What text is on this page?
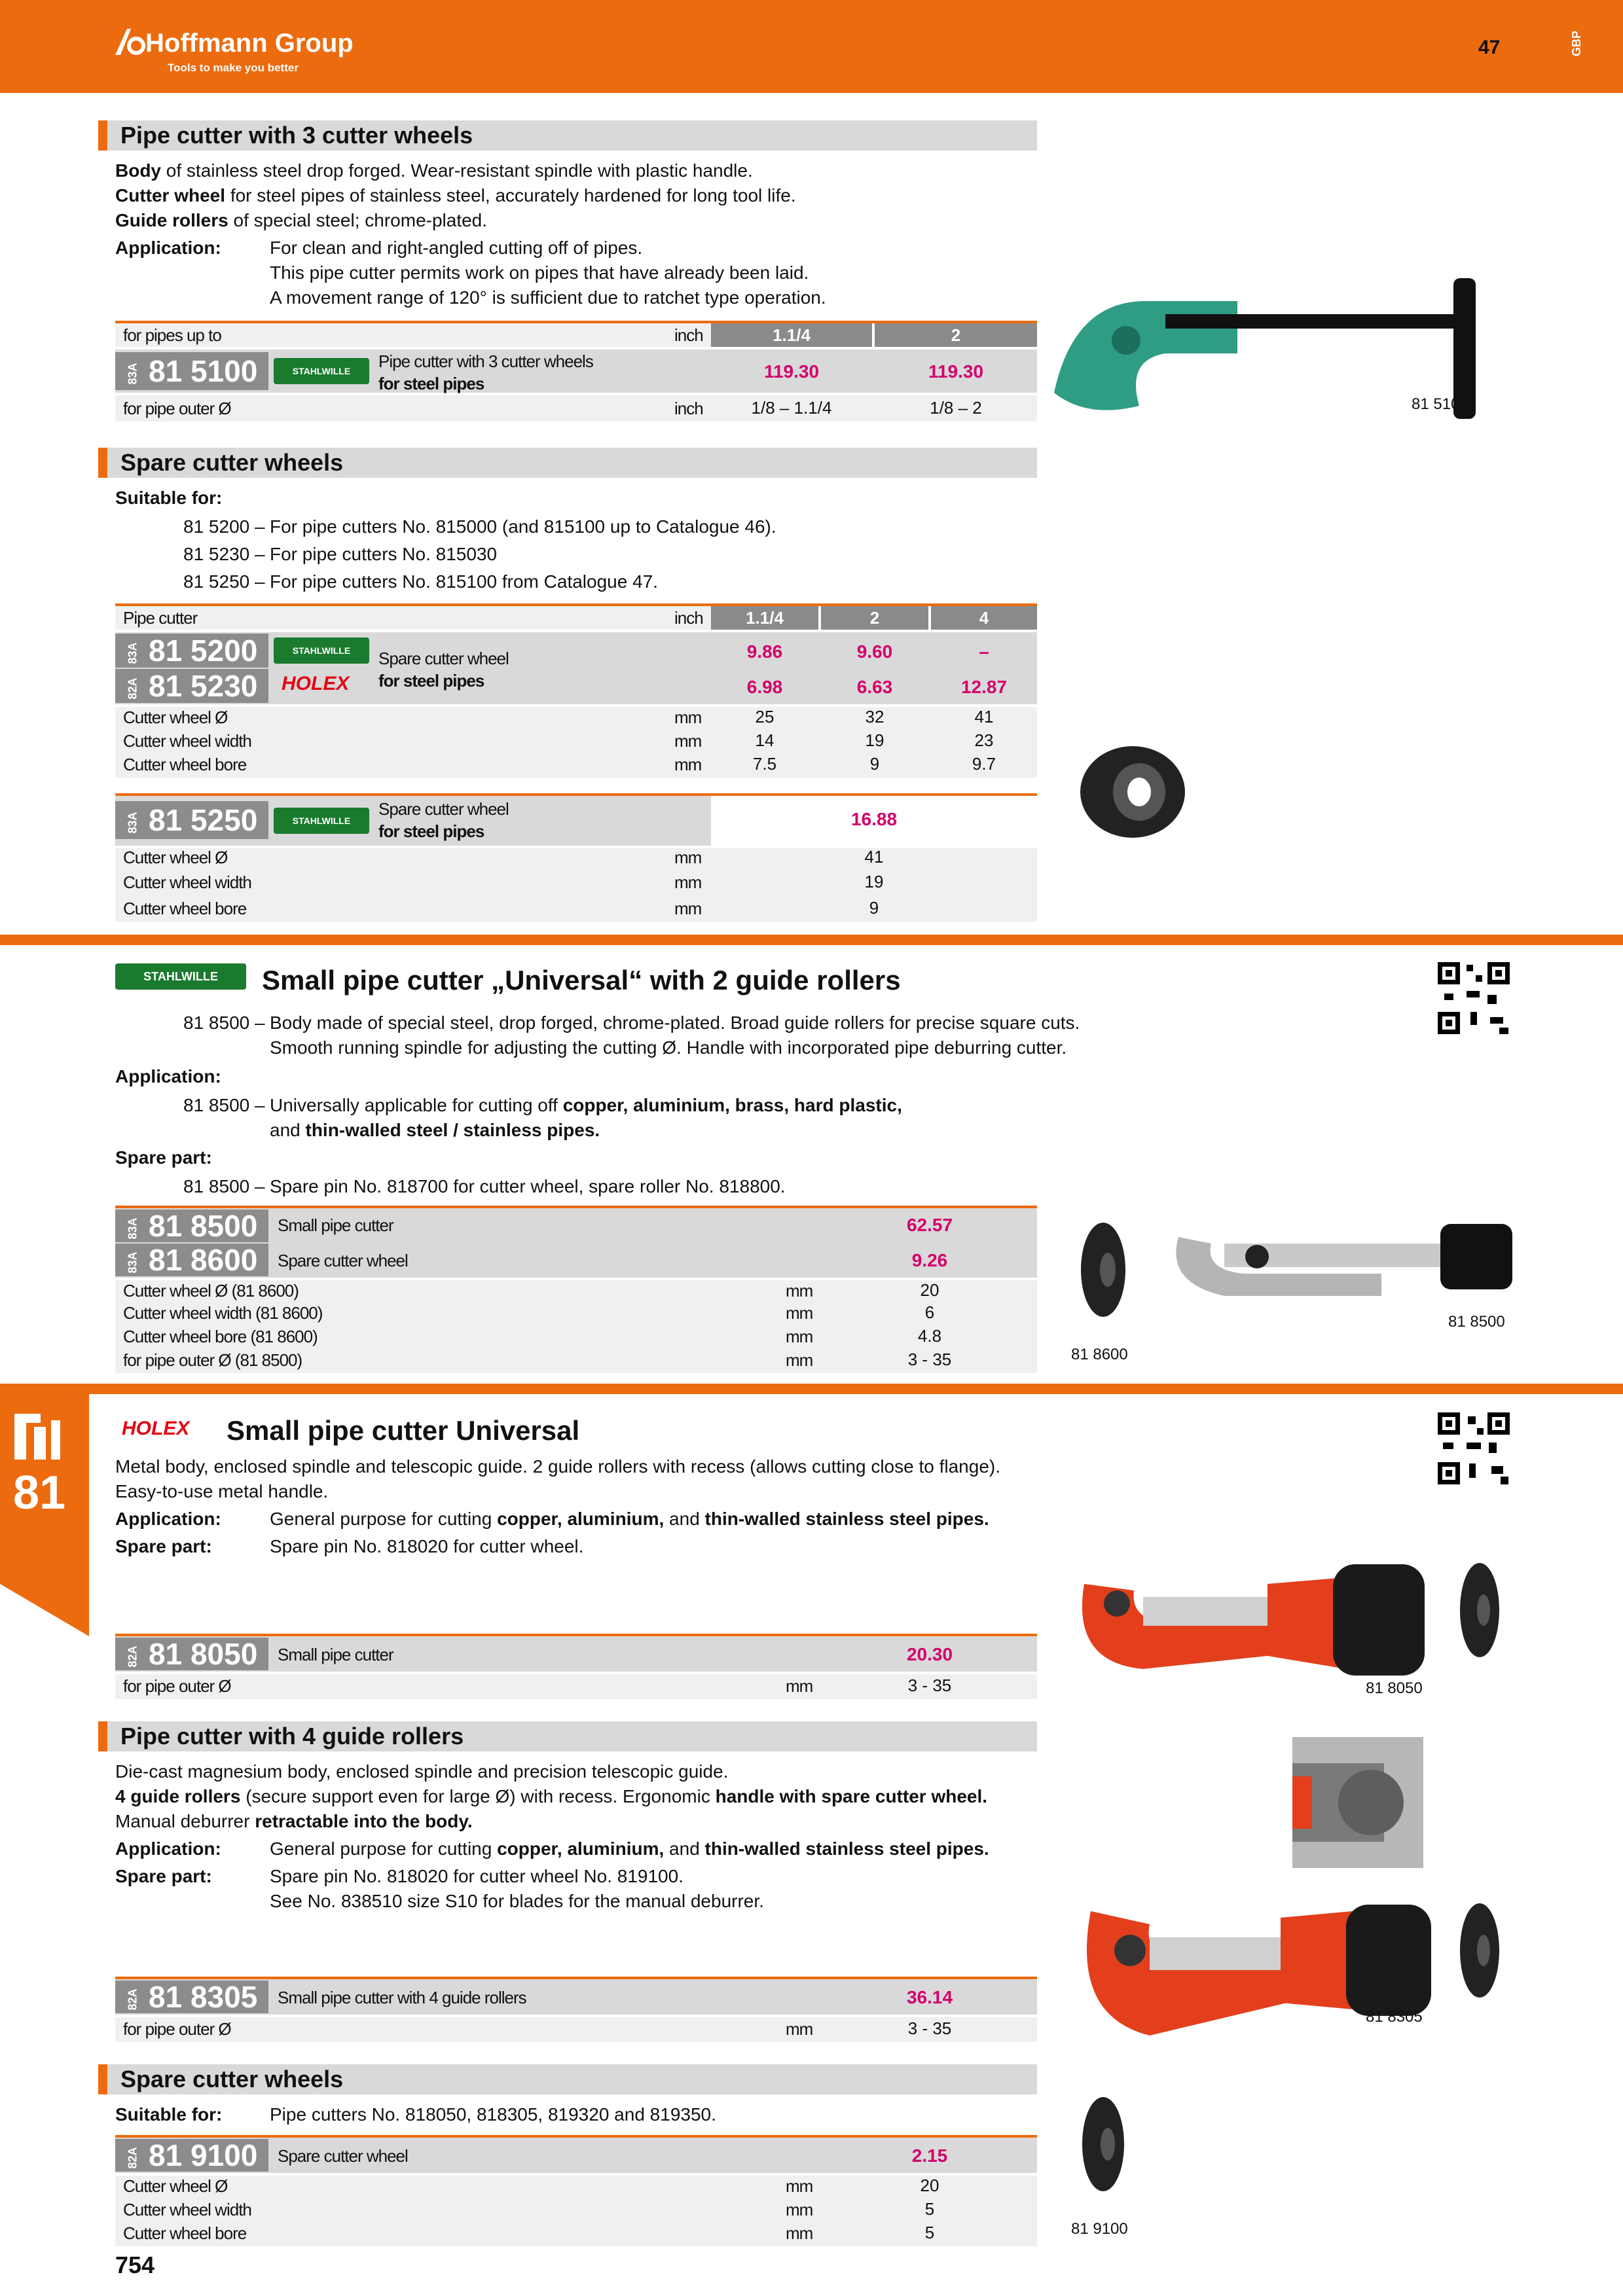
Hoffmann Group
Tools to make you better
47	GBP
81
Pipe cutter with 3 cutter wheels
Body of stainless steel drop forged. Wear-resistant spindle with plastic handle.
Cutter wheel for steel pipes of stainless steel, accurately hardened for long tool life.
Guide rollers of special steel; chrome-plated.
Application:	For clean and right-angled cutting off of pipes.
This pipe cutter permits work on pipes that have already been laid.
A movement range of 120° is sufficient due to ratchet type operation.
for pipes up to	inch	1.1/4	2
83A 81 5100	STAHLWILLE	Pipe cutter with 3 cutter wheels
for steel pipes
119.30	119.30
for pipe outer Ø	inch	1/8 – 1.1/4	1/8 – 2	81 5100
Spare cutter wheels
Suitable for:
81 5200 – For pipe cutters No. 815000 (and 815100 up to Catalogue 46).
81 5230 – For pipe cutters No. 815030
81 5250 – For pipe cutters No. 815100 from Catalogue 47.
Pipe cutter	inch	1.1/4	2	4
83A 81 5200	STAHLWILLE
82A 81 5230	HOLEX
Spare cutter wheel
for steel pipes
9.86	9.60	–
6.98	6.63	12.87
Cutter wheel Ø	mm	25	32	41
Cutter wheel width	mm	14	19	23
Cutter wheel bore	mm	7.5	9	9.7
83A 81 5250	STAHLWILLE
Spare cutter wheel
for steel pipes
16.88
Cutter wheel Ø	mm	41
Cutter wheel width	mm	19
Cutter wheel bore	mm	9
STAHLWILLE	Small pipe cutter „Universal“ with 2 guide rollers
81 8500 – Body made of special steel, drop forged, chrome-plated. Broad guide rollers for precise square cuts.
Smooth running spindle for adjusting the cutting Ø. Handle with incorporated pipe deburring cutter.
Application:
81 8500 – Universally applicable for cutting off copper, aluminium, brass, hard plastic,
and thin-walled steel / stainless pipes.
Spare part:
81 8500 – Spare pin No. 818700 for cutter wheel, spare roller No. 818800.
83A 81 8500	Small pipe cutter	62.57
83A 81 8600	Spare cutter wheel	9.26
Cutter wheel Ø (81 8600)	mm	20
Cutter wheel width (81 8600)	mm	6
Cutter wheel bore (81 8600)	mm	4.8
for pipe outer Ø (81 8500)	mm	3 - 35	81 8600
81 8500
HOLEX Small pipe cutter Universal
Metal body, enclosed spindle and telescopic guide. 2 guide rollers with recess (allows cutting close to flange).
Easy-to-use metal handle.
Application:	General purpose for cutting copper, aluminium, and thin-walled stainless steel pipes.
Spare part:	Spare pin No. 818020 for cutter wheel.
82A 81 8050	Small pipe cutter	20.30
for pipe outer Ø	mm	3 - 35	81 8050
Pipe cutter with 4 guide rollers
Die-cast magnesium body, enclosed spindle and precision telescopic guide.
4 guide rollers (secure support even for large Ø) with recess. Ergonomic handle with spare cutter wheel.
Manual deburrer retractable into the body.
Application:	General purpose for cutting copper, aluminium, and thin-walled stainless steel pipes.
Spare part:	Spare pin No. 818020 for cutter wheel No. 819100.
See No. 838510 size S10 for blades for the manual deburrer.
82A 81 8305	Small pipe cutter with 4 guide rollers	36.14
for pipe outer Ø	mm	3 - 35
81 8305
Spare cutter wheels
Suitable for:	Pipe cutters No. 818050, 818305, 819320 and 819350.
82A 81 9100	Spare cutter wheel	2.15
Cutter wheel Ø	mm	20
Cutter wheel width	mm	5
Cutter wheel bore	mm	5	81 9100
754
